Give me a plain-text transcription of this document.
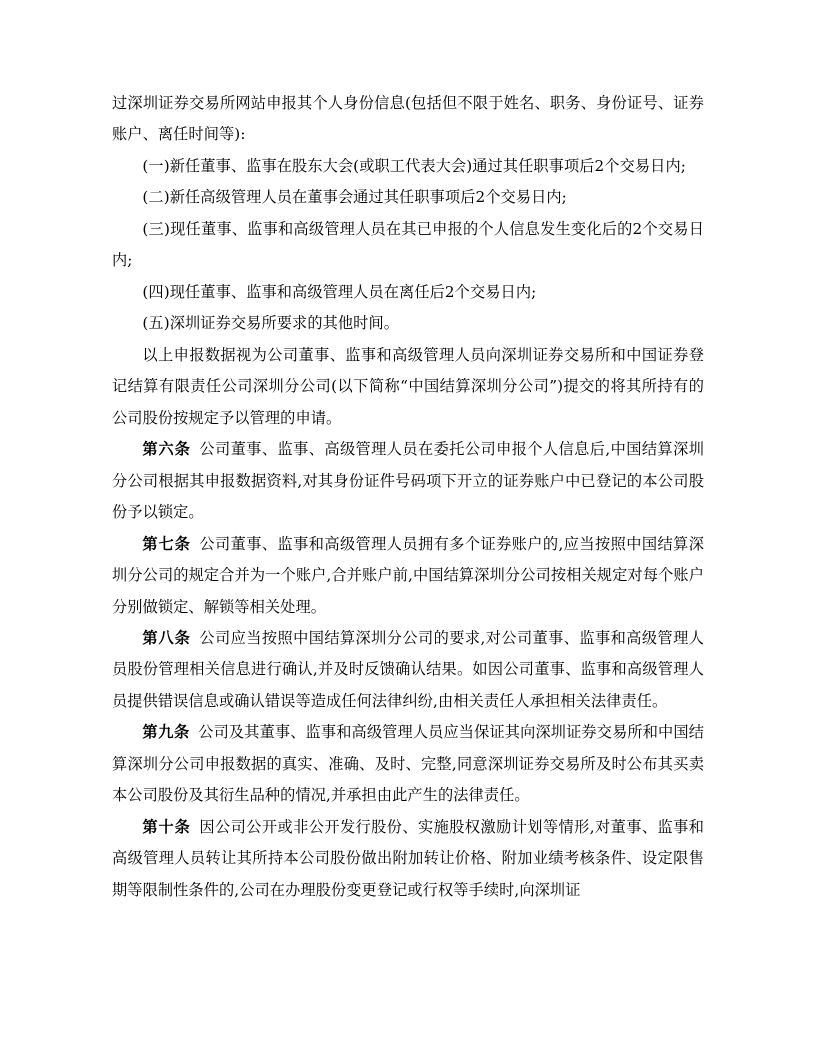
过深圳证券交易所网站申报其个人身份信息(包括但不限于姓名、职务、身份证号、证券账户、离任时间等):

(一)新任董事、监事在股东大会(或职工代表大会)通过其任职事项后2个交易日内;

(二)新任高级管理人员在董事会通过其任职事项后2个交易日内;

(三)现任董事、监事和高级管理人员在其已申报的个人信息发生变化后的2个交易日内;

(四)现任董事、监事和高级管理人员在离任后2个交易日内;

(五)深圳证券交易所要求的其他时间。

以上申报数据视为公司董事、监事和高级管理人员向深圳证券交易所和中国证券登记结算有限责任公司深圳分公司(以下简称“中国结算深圳分公司”)提交的将其所持有的公司股份按规定予以管理的申请。

第六条 公司董事、监事、高级管理人员在委托公司申报个人信息后,中国结算深圳分公司根据其申报数据资料,对其身份证件号码项下开立的证券账户中已登记的本公司股份予以锁定。

第七条 公司董事、监事和高级管理人员拥有多个证券账户的,应当按照中国结算深圳分公司的规定合并为一个账户,合并账户前,中国结算深圳分公司按相关规定对每个账户分别做锁定、解锁等相关处理。

第八条 公司应当按照中国结算深圳分公司的要求,对公司董事、监事和高级管理人员股份管理相关信息进行确认,并及时反馈确认结果。如因公司董事、监事和高级管理人员提供错误信息或确认错误等造成任何法律纠纷,由相关责任人承担相关法律责任。

第九条 公司及其董事、监事和高级管理人员应当保证其向深圳证券交易所和中国结算深圳分公司申报数据的真实、准确、及时、完整,同意深圳证券交易所及时公布其买卖本公司股份及其衍生品种的情况,并承担由此产生的法律责任。

第十条 因公司公开或非公开发行股份、实施股权激励计划等情形,对董事、监事和高级管理人员转让其所持本公司股份做出附加转让价格、附加业绩考核条件、设定限售期等限制性条件的,公司在办理股份变更登记或行权等手续时,向深圳证
